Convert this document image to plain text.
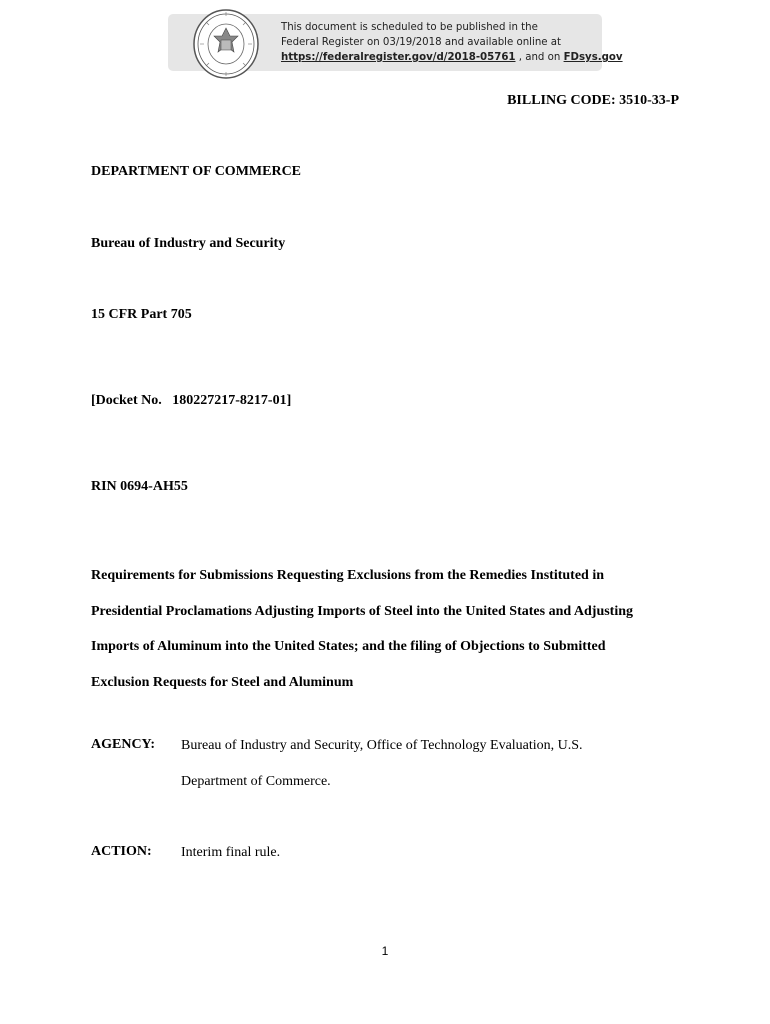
This document is scheduled to be published in the
Federal Register on 03/19/2018 and available online at
https://federalregister.gov/d/2018-05761 , and on FDsys.gov
BILLING CODE: 3510-33-P
DEPARTMENT OF COMMERCE
Bureau of Industry and Security
15 CFR Part 705
[Docket No.   180227217-8217-01]
RIN 0694-AH55
Requirements for Submissions Requesting Exclusions from the Remedies Instituted in
Presidential Proclamations Adjusting Imports of Steel into the United States and Adjusting
Imports of Aluminum into the United States; and the filing of Objections to Submitted
Exclusion Requests for Steel and Aluminum
AGENCY: Bureau of Industry and Security, Office of Technology Evaluation, U.S.
Department of Commerce.
ACTION: Interim final rule.
1
